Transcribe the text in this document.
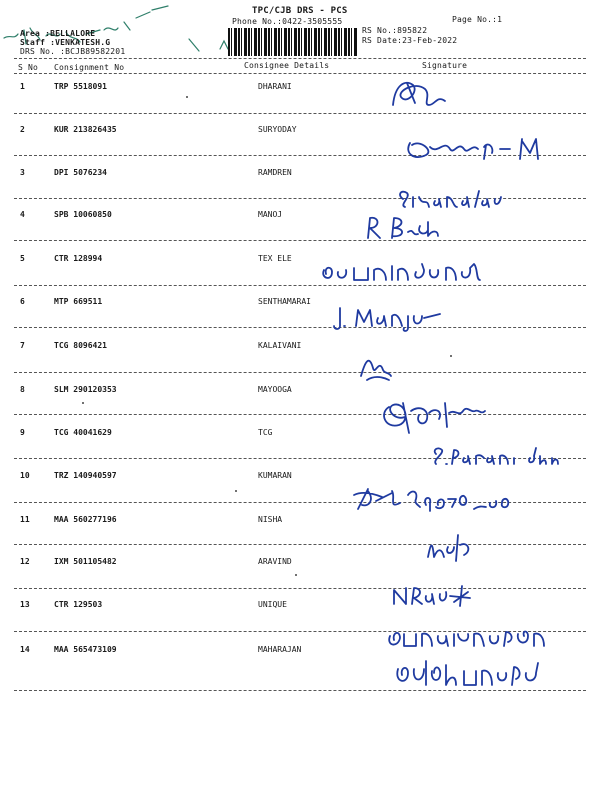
TPC/CJB DRS - PCS
Phone No.:0422-3505555	Page No.:1
RS No.:895822
RS Date:23-Feb-2022
Area :BELLALORE
Staff :VENKATESH.G
DRS No. :BCJB89582201
S No Consignment No	Consignee Details	Signature
1	TRP 5518091	DHARANI
2	KUR 213826435	SURYODAY
3	DPI 5076234	RAMDREN
4	SPB 10060850	MANOJ
5	CTR 128994	TEX ELE
6	MTP 669511	SENTHAMARAI
7	TCG 8096421	KALAIVANI
8	SLM 290120353	MAYOOGA
9	TCG 40041629	TCG
10	TRZ 140940597	KUMARAN
11	MAA 560277196	NISHA
12	IXM 501105482	ARAVIND
13	CTR 129503	UNIQUE
14	MAA 565473109	MAHARAJAN
